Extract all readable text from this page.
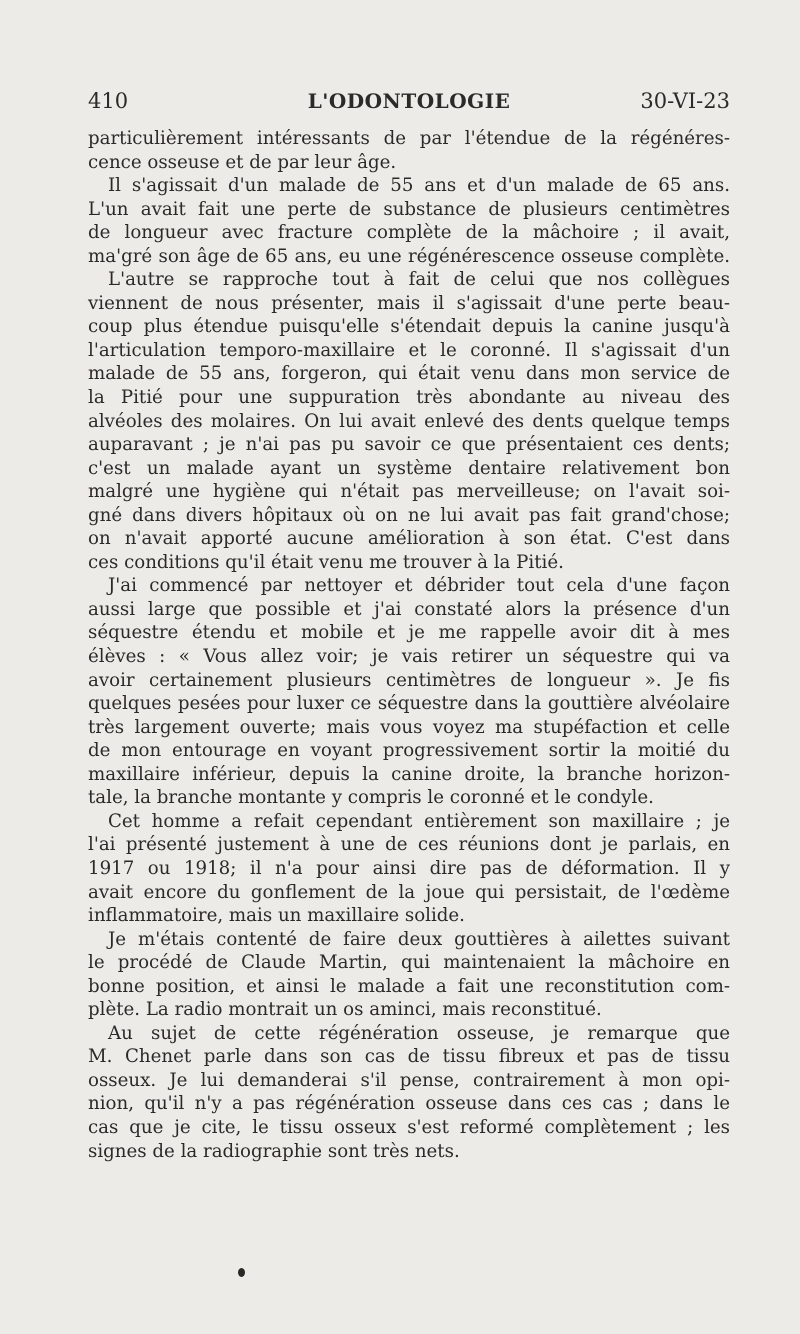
410	L'ODONTOLOGIE	30-VI-23
particulièrement intéressants de par l'étendue de la régénéres-
cence osseuse et de par leur âge.
Il s'agissait d'un malade de 55 ans et d'un malade de 65 ans.
L'un avait fait une perte de substance de plusieurs centimètres
de longueur avec fracture complète de la mâchoire ; il avait,
ma'gré son âge de 65 ans, eu une régénérescence osseuse complète.
L'autre se rapproche tout à fait de celui que nos collègues
viennent de nous présenter, mais il s'agissait d'une perte beau-
coup plus étendue puisqu'elle s'étendait depuis la canine jusqu'à
l'articulation temporo-maxillaire et le coronné. Il s'agissait d'un
malade de 55 ans, forgeron, qui était venu dans mon service de
la Pitié pour une suppuration très abondante au niveau des
alvéoles des molaires. On lui avait enlevé des dents quelque temps
auparavant ; je n'ai pas pu savoir ce que présentaient ces dents;
c'est un malade ayant un système dentaire relativement bon
malgré une hygiène qui n'était pas merveilleuse; on l'avait soi-
gné dans divers hôpitaux où on ne lui avait pas fait grand'chose;
on n'avait apporté aucune amélioration à son état. C'est dans
ces conditions qu'il était venu me trouver à la Pitié.
J'ai commencé par nettoyer et débrider tout cela d'une façon
aussi large que possible et j'ai constaté alors la présence d'un
séquestre étendu et mobile et je me rappelle avoir dit à mes
élèves : « Vous allez voir; je vais retirer un séquestre qui va
avoir certainement plusieurs centimètres de longueur ». Je fis
quelques pesées pour luxer ce séquestre dans la gouttière alvéolaire
très largement ouverte; mais vous voyez ma stupéfaction et celle
de mon entourage en voyant progressivement sortir la moitié du
maxillaire inférieur, depuis la canine droite, la branche horizon-
tale, la branche montante y compris le coronné et le condyle.
Cet homme a refait cependant entièrement son maxillaire ; je
l'ai présenté justement à une de ces réunions dont je parlais, en
1917 ou 1918; il n'a pour ainsi dire pas de déformation. Il y
avait encore du gonflement de la joue qui persistait, de l'œdème
inflammatoire, mais un maxillaire solide.
Je m'étais contenté de faire deux gouttières à ailettes suivant
le procédé de Claude Martin, qui maintenaient la mâchoire en
bonne position, et ainsi le malade a fait une reconstitution com-
plète. La radio montrait un os aminci, mais reconstitué.
Au sujet de cette régénération osseuse, je remarque que
M. Chenet parle dans son cas de tissu fibreux et pas de tissu
osseux. Je lui demanderai s'il pense, contrairement à mon opi-
nion, qu'il n'y a pas régénération osseuse dans ces cas ; dans le
cas que je cite, le tissu osseux s'est reformé complètement ; les
signes de la radiographie sont très nets.
